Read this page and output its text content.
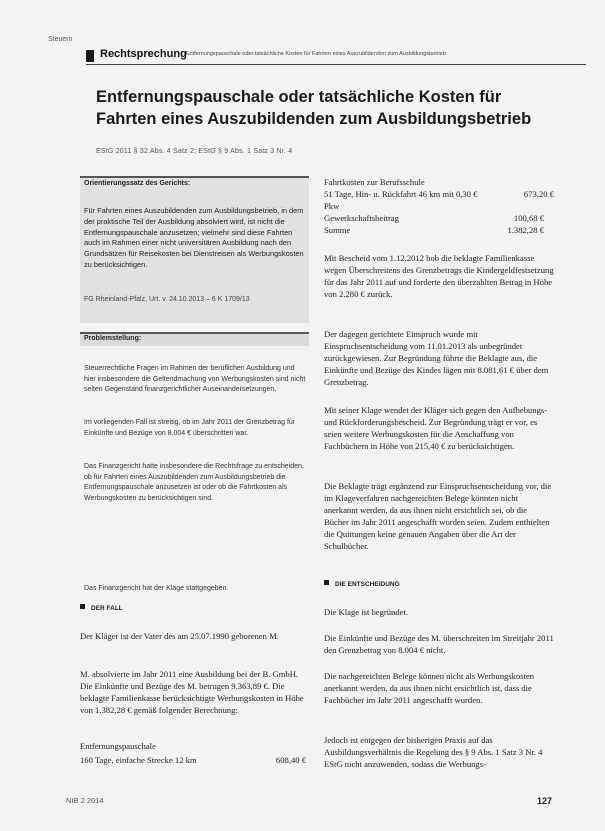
Steuern
Rechtsprechung Entfernungspauschale oder tatsächliche Kosten für Fahrten eines Auszubildenden zum Ausbildungsbetrieb
Entfernungspauschale oder tatsächliche Kosten für
Fahrten eines Auszubildenden zum Ausbildungsbetrieb
EStG 2011 § 32 Abs. 4 Satz 2; EStG § 9 Abs. 1 Satz 3 Nr. 4
Orientierungssatz des Gerichts:
Für Fahrten eines Auszubildenden zum Ausbildungsbetrieb, in dem der praktische Teil der Ausbildung absolviert wird, ist nicht die Entfernungspauschale anzusetzen; vielmehr sind diese Fahrten auch im Rahmen einer nicht universitären Ausbildung nach den Grundsätzen für Reisekosten bei Dienstreisen als Werbungskosten zu berücksichtigen.
FG Rheinland-Pfalz, Urt. v. 24.10.2013 – 6 K 1709/13
Problemstellung:
Steuerrechtliche Fragen im Rahmen der beruflichen Ausbildung und hier insbesondere die Geltendmachung von Werbungskosten sind nicht selten Gegenstand finanzgerichtlicher Auseinandersetzungen.
Im vorliegenden Fall ist streitig, ob im Jahr 2011 der Grenzbetrag für Einkünfte und Bezüge von 8.004 € überschritten war.
Das Finanzgericht hatte insbesondere die Rechtsfrage zu entscheiden, ob für Fahrten eines Auszubildenden zum Ausbildungsbetrieb die Entfernungspauschale anzusetzen ist oder ob die Fahrtkosten als Werbungskosten zu berücksichtigen sind.
Das Finanzgericht hat der Klage stattgegeben.
DER FALL
Der Kläger ist der Vater des am 25.07.1990 geborenen M.
M. absolvierte im Jahr 2011 eine Ausbildung bei der B. GmbH. Die Einkünfte und Bezüge des M. betrugen 9.363,89 €. Die beklagte Familienkasse berücksichtigte Werbungskosten in Höhe von 1.382,28 € gemäß folgender Berechnung:
Entfernungspauschale
160 Tage, einfache Strecke 12 km	608,40 €
Fahrtkosten zur Berufsschule
51 Tage, Hin- u. Rückfahrt 46 km mit 0,30 €	673,20 €
Pkw
Gewerkschaftsbeitrag	100,68 €
Summe	1.382,28 €
Mit Bescheid vom 1.12.2012 hob die beklagte Familienkasse wegen Überschreitens des Grenzbetrags die Kindergeldfestsetzung für das Jahr 2011 auf und forderte den überzahlten Betrag in Höhe von 2.280 € zurück.
Der dagegen gerichtete Einspruch wurde mit Einspruchsentscheidung vom 11.01.2013 als unbegründet zurückgewiesen. Zur Begründung führte die Beklagte aus, die Einkünfte und Bezüge des Kindes lägen mit 8.081,61 € über dem Grenzbetrag.
Mit seiner Klage wendet der Kläger sich gegen den Aufhebungs- und Rückforderungsbescheid. Zur Begründung trägt er vor, es seien weitere Werbungskosten für die Anschaffung von Fachbüchern in Höhe von 215,40 € zu berücksichtigen.
Die Beklagte trägt ergänzend zur Einspruchsentscheidung vor, die im Klageverfahren nachgereichten Belege könnten nicht anerkannt werden, da aus ihnen nicht ersichtlich sei, ob die Bücher im Jahr 2011 angeschafft worden seien. Zudem enthielten die Quittungen keine genauen Angaben über die Art der Schulbücher.
DIE ENTSCHEIDUNG
Die Klage ist begründet.
Die Einkünfte und Bezüge des M. überschreiten im Streitjahr 2011 den Grenzbetrag von 8.004 € nicht.
Die nachgereichten Belege können nicht als Werbungskosten anerkannt werden, da aus ihnen nicht ersichtlich ist, dass die Fachbücher im Jahr 2011 angeschafft wurden.
Jedoch ist entgegen der bisherigen Praxis auf das Ausbildungsverhältnis die Regelung des § 9 Abs. 1 Satz 3 Nr. 4 EStG nicht anzuwenden, sodass die Werbungs-
NIB 2 2014	127
